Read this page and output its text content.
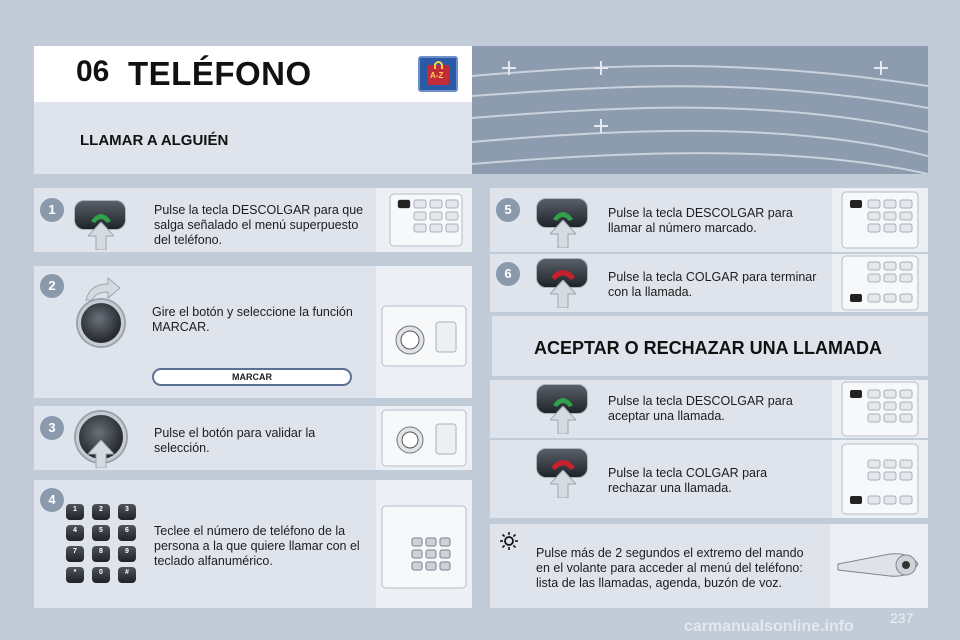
06 TELÉFONO	A-Z
LLAMAR A ALGUIÉN
1	Pulse la tecla DESCOLGAR para que salga señalado el menú superpuesto del teléfono.
2
Gire el botón y seleccione la función MARCAR.
MARCAR
3	Pulse el botón para validar la selección.
4
1	2	3
4	5	6
7	8	9
*	0	#
Teclee el número de teléfono de la persona a la que quiere llamar con el teclado alfanumérico.
5	Pulse la tecla DESCOLGAR para llamar al número marcado.
6	Pulse la tecla COLGAR para terminar con la llamada.
ACEPTAR O RECHAZAR UNA LLAMADA
Pulse la tecla DESCOLGAR para aceptar una llamada.
Pulse la tecla COLGAR para rechazar una llamada.
Pulse más de 2 segundos el extremo del mando en el volante para acceder al menú del teléfono: lista de las llamadas, agenda, buzón de voz.
237
carmanualsonline.info
